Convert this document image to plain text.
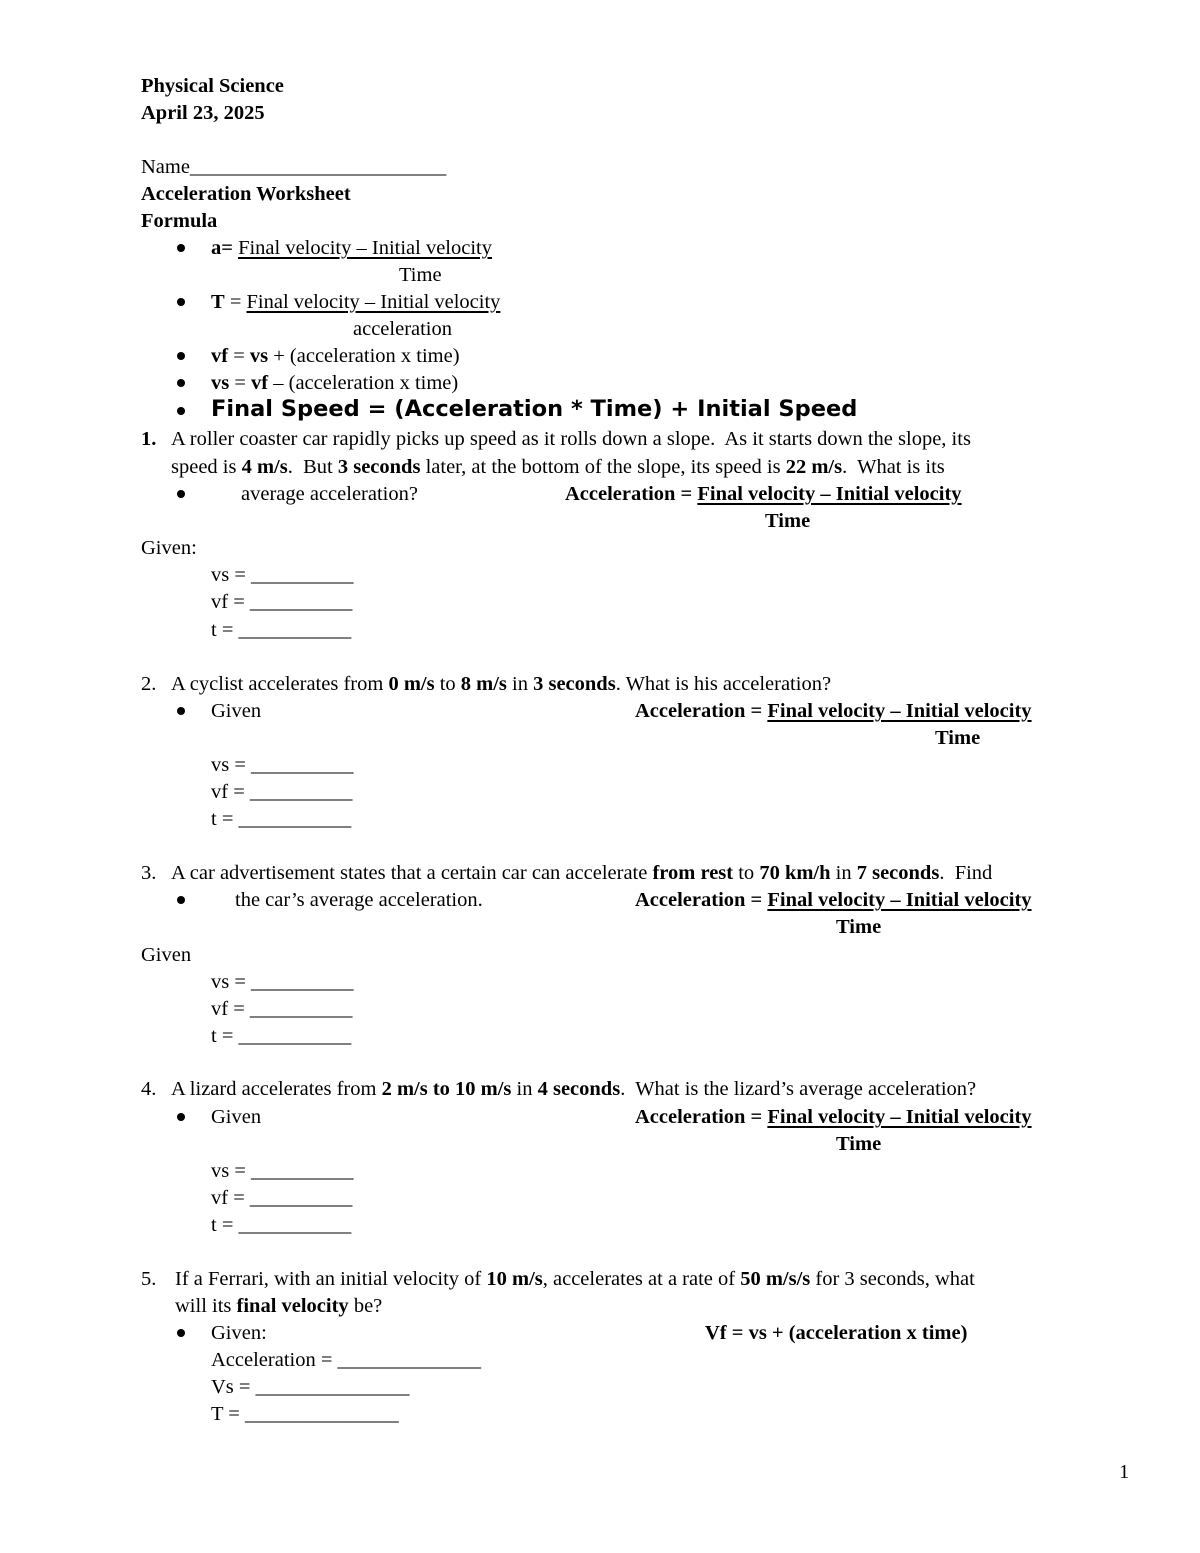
Physical Science
April 23, 2025
Name_________________________
Acceleration Worksheet
Formula
a= Final velocity – Initial velocity
Time
T = Final velocity – Initial velocity
acceleration
vf = vs + (acceleration x time)
vs = vf – (acceleration x time)
Final Speed = (Acceleration * Time) + Initial Speed
1. A roller coaster car rapidly picks up speed as it rolls down a slope.  As it starts down the slope, its
speed is 4 m/s.  But 3 seconds later, at the bottom of the slope, its speed is 22 m/s.  What is its
average acceleration?	Acceleration = Final velocity – Initial velocity
Time
Given:
vs = __________
vf = __________
t = ___________
2. A cyclist accelerates from 0 m/s to 8 m/s in 3 seconds. What is his acceleration?
Given	Acceleration = Final velocity – Initial velocity
Time
vs = __________
vf = __________
t = ___________
3. A car advertisement states that a certain car can accelerate from rest to 70 km/h in 7 seconds.  Find
the car’s average acceleration.	Acceleration = Final velocity – Initial velocity
Time
Given
vs = __________
vf = __________
t = ___________
4. A lizard accelerates from 2 m/s to 10 m/s in 4 seconds.  What is the lizard’s average acceleration?
Given	Acceleration = Final velocity – Initial velocity
Time
vs = __________
vf = __________
t = ___________
5. If a Ferrari, with an initial velocity of 10 m/s, accelerates at a rate of 50 m/s/s for 3 seconds, what
will its final velocity be?
Given:	Vf = vs + (acceleration x time)
Acceleration = ______________
Vs = _______________
T = _______________
1
